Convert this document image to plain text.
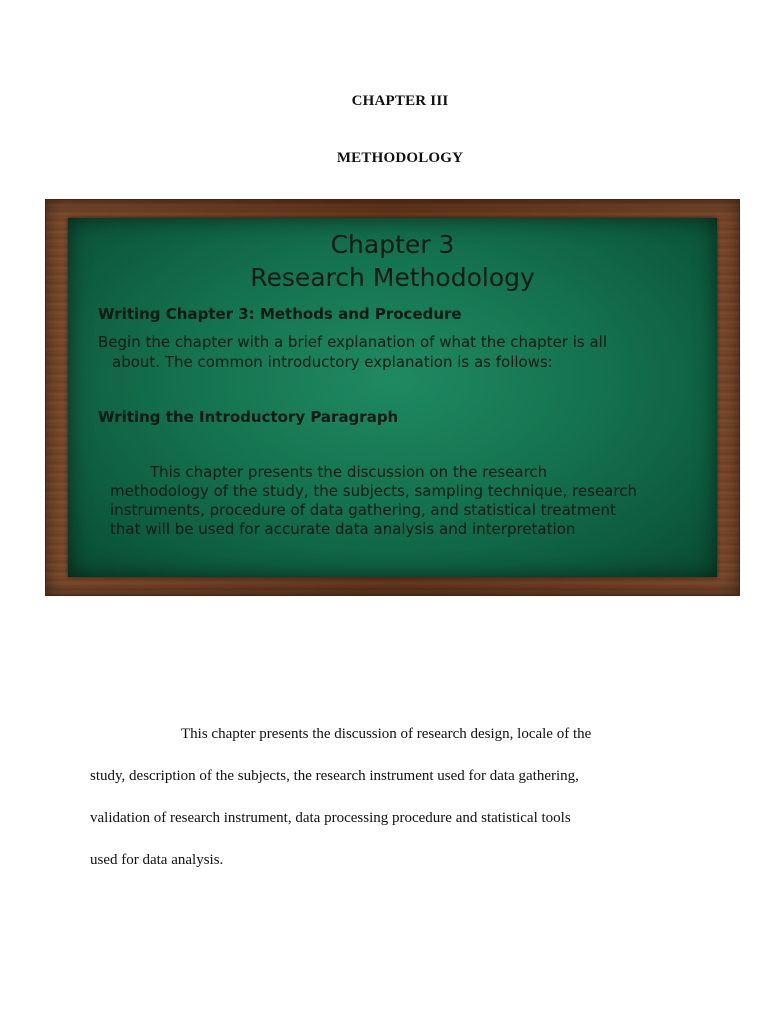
CHAPTER III
METHODOLOGY
Chapter 3
Research Methodology
Writing Chapter 3: Methods and Procedure
Begin the chapter with a brief explanation of what the chapter is all
about. The common introductory explanation is as follows:
Writing the Introductory Paragraph
This chapter presents the discussion on the research
methodology of the study, the subjects, sampling technique, research
instruments, procedure of data gathering, and statistical treatment
that will be used for accurate data analysis and interpretation
This chapter presents the discussion of research design, locale of the
study, description of the subjects, the research instrument used for data gathering,
validation of research instrument, data processing procedure and statistical tools
used for data analysis.
